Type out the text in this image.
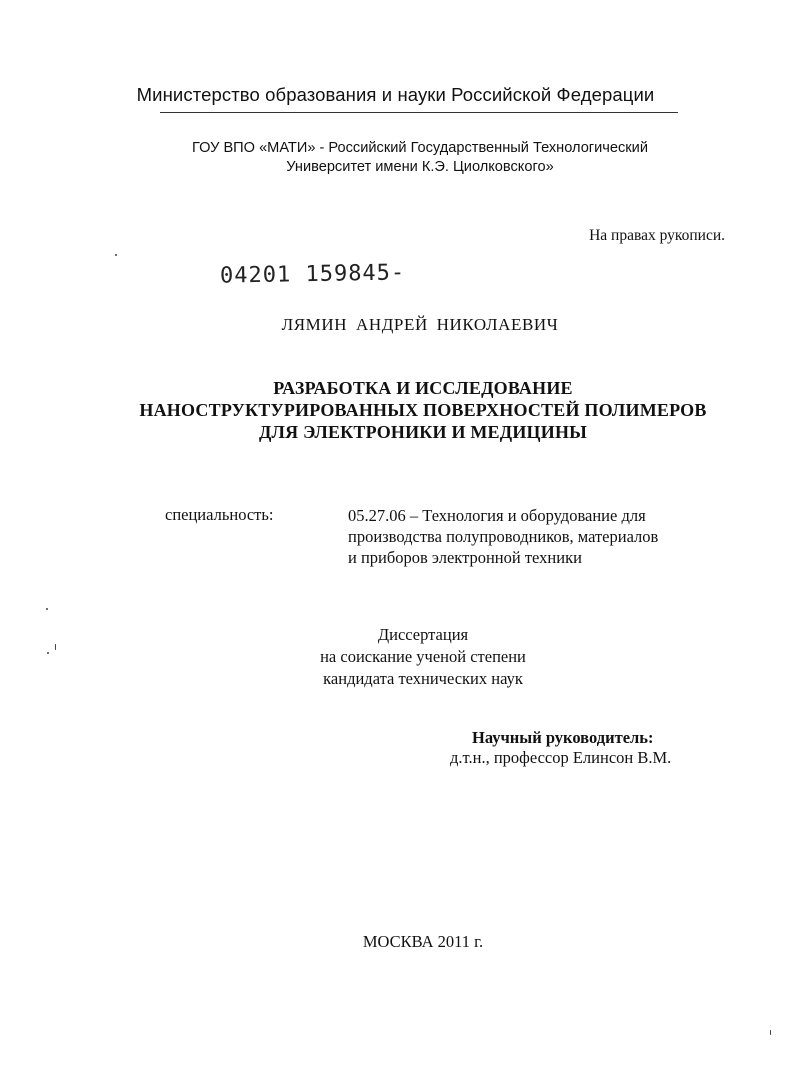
Министерство образования и науки Российской Федерации
ГОУ ВПО «МАТИ» - Российский Государственный Технологический
Университет имени К.Э. Циолковского»
На правах рукописи.
04201 159845-
ЛЯМИН АНДРЕЙ НИКОЛАЕВИЧ
РАЗРАБОТКА И ИССЛЕДОВАНИЕ
НАНОСТРУКТУРИРОВАННЫХ ПОВЕРХНОСТЕЙ ПОЛИМЕРОВ
ДЛЯ ЭЛЕКТРОНИКИ И МЕДИЦИНЫ
специальность:	05.27.06 – Технология и оборудование для
производства полупроводников, материалов
и приборов электронной техники
Диссертация
на соискание ученой степени
кандидата технических наук
Научный руководитель:
д.т.н., профессор Елинсон В.М.
МОСКВА 2011 г.
